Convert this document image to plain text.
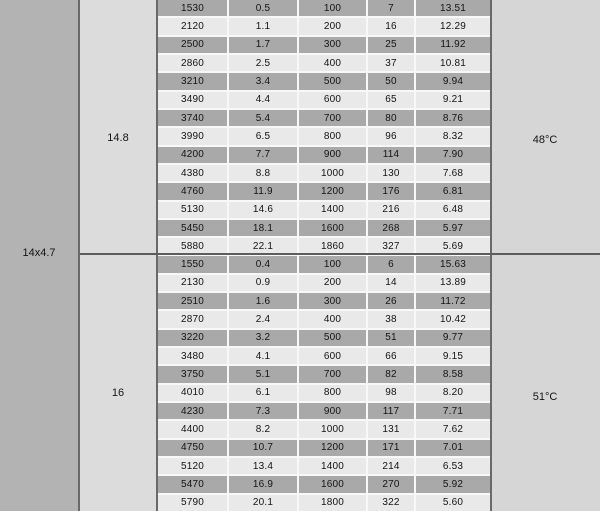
1530	0.5	100	7	13.51
2120	1.1	200	16	12.29
2500	1.7	300	25	11.92
2860	2.5	400	37	10.81
3210	3.4	500	50	9.94
3490	4.4	600	65	9.21
3740	5.4	700	80	8.76
3990	6.5	800	96	8.32
4200	7.7	900	114	7.90
4380	8.8	1000	130	7.68
4760	11.9	1200	176	6.81
5130	14.6	1400	216	6.48
5450	18.1	1600	268	5.97
5880	22.1	1860	327	5.69
1550	0.4	100	6	15.63
2130	0.9	200	14	13.89
2510	1.6	300	26	11.72
2870	2.4	400	38	10.42
3220	3.2	500	51	9.77
3480	4.1	600	66	9.15
3750	5.1	700	82	8.58
4010	6.1	800	98	8.20
4230	7.3	900	117	7.71
4400	8.2	1000	131	7.62
4750	10.7	1200	171	7.01
5120	13.4	1400	214	6.53
5470	16.9	1600	270	5.92
5790	20.1	1800	322	5.60
14x4.7
14.8
16
48°C
51°C
